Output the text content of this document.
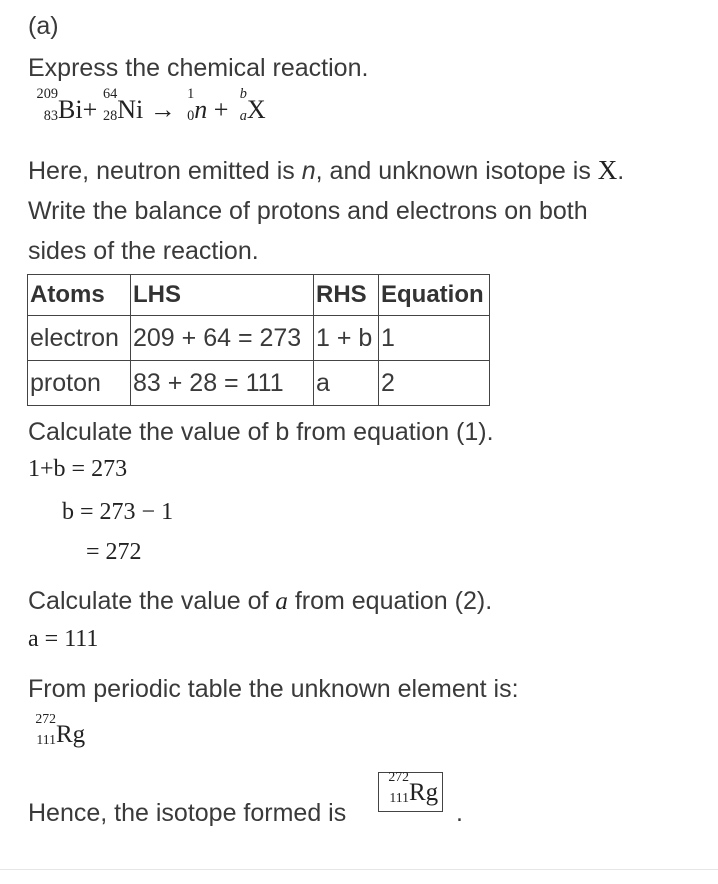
(a)
Express the chemical reaction.
209
83 Bi+
64
28 Ni →
1
0 n +
b
a X
Here, neutron emitted is n, and unknown isotope is X.
Write the balance of protons and electrons on both
sides of the reaction.
Atoms	LHS	RHS	Equation
electron	209 + 64 = 273	1 + b	1
proton	83 + 28 = 111	a	2
Calculate the value of b from equation (1).
1+b = 273
b = 273 − 1
= 272
Calculate the value of a from equation (2).
a = 111
From periodic table the unknown element is:
272
111 Rg
Hence, the isotope formed is
272
111 Rg
.
